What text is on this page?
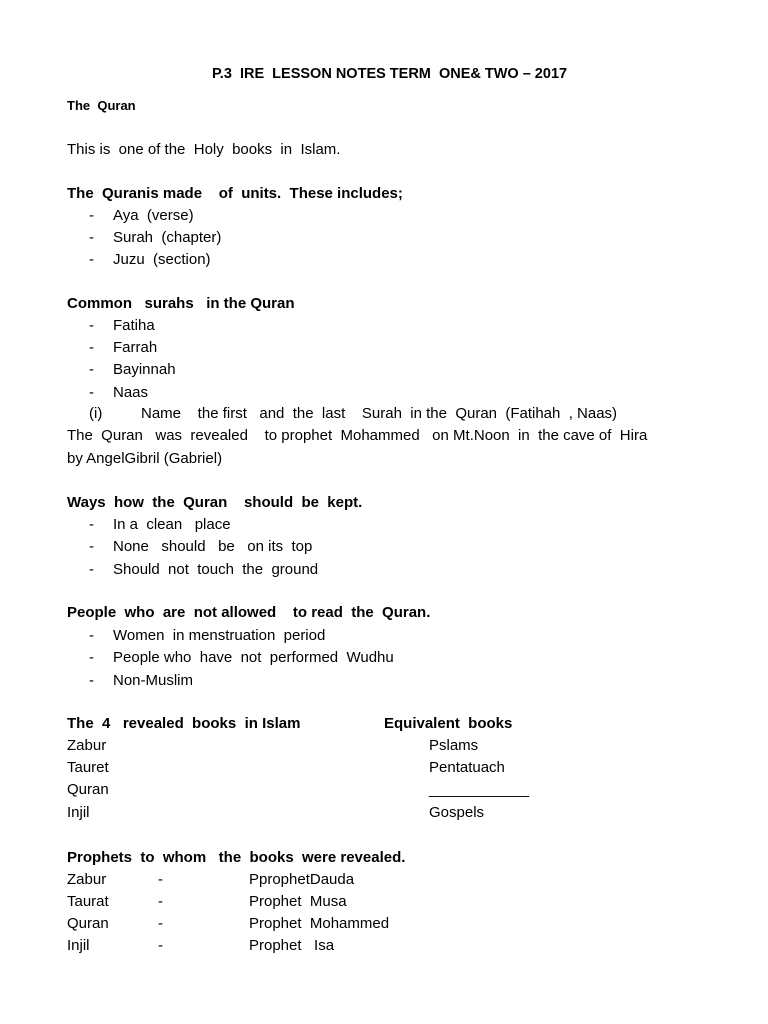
P.3  IRE  LESSON NOTES TERM  ONE& TWO – 2017
The  Quran
This is  one of the  Holy  books  in  Islam.
The  Quranis made    of  units.  These includes;
- Aya  (verse)
- Surah  (chapter)
- Juzu  (section)
Common   surahs   in the Quran
- Fatiha
- Farrah
- Bayinnah
- Naas
(i)	Name    the first   and  the  last    Surah  in the  Quran  (Fatihah  , Naas)
The  Quran   was  revealed    to prophet  Mohammed   on Mt.Noon  in  the cave of  Hira
by AngelGibril (Gabriel)
Ways  how  the  Quran    should  be  kept.
- In a  clean   place
- None   should   be   on its  top
- Should  not  touch  the  ground
People  who  are  not allowed    to read  the  Quran.
- Women  in menstruation  period
- People who  have  not  performed  Wudhu
- Non-Muslim
The  4   revealed  books  in Islam	Equivalent  books
Zabur	Pslams
Tauret	Pentatuach
Quran	____________
Injil	Gospels
Prophets  to  whom   the  books  were revealed.
Zabur	-	PprophetDauda
Taurat	-	Prophet  Musa
Quran	-	Prophet  Mohammed
Injil	-	Prophet   Isa
